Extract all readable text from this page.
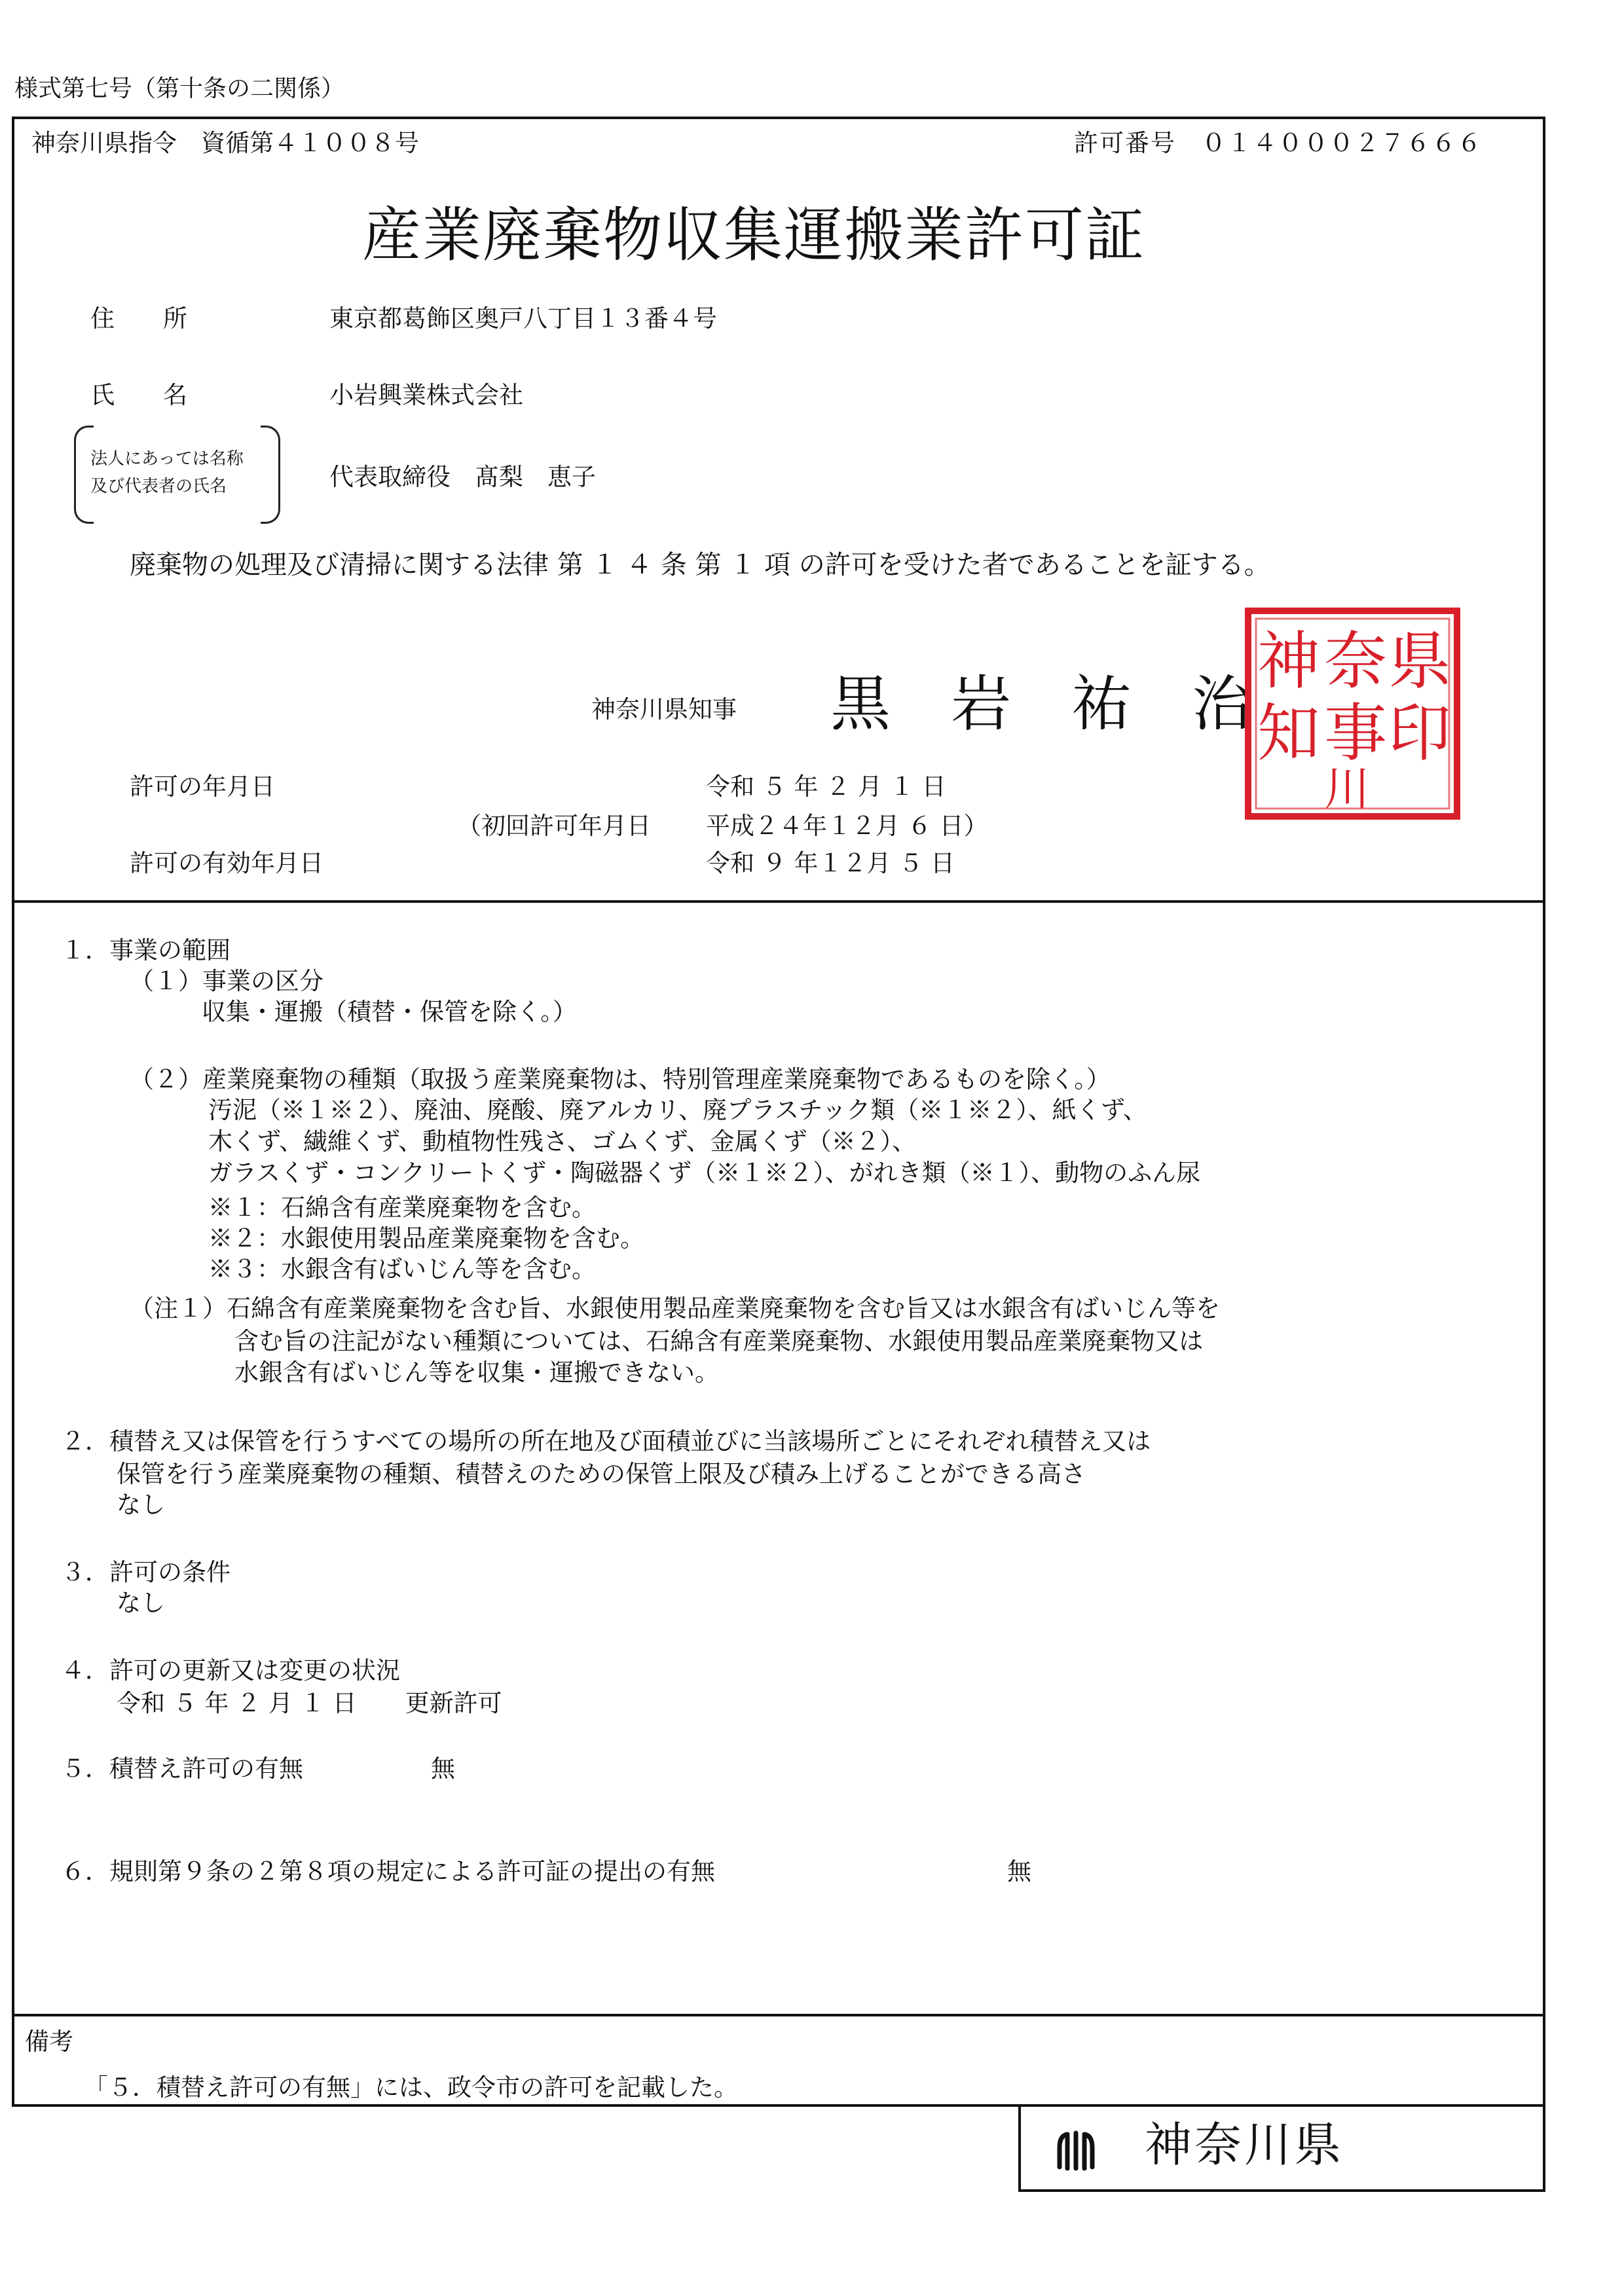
様式第七号（第十条の二関係）
神奈川県指令　資循第４１００８号	許可番号　０１４０００２７６６６
産業廃棄物収集運搬業許可証
住　　所	東京都葛飾区奥戸八丁目１３番４号
氏　　名	小岩興業株式会社
法人にあっては名称
及び代表者の氏名	代表取締役　髙梨　恵子
廃棄物の処理及び清掃に関する法律 第 １ ４ 条 第 １ 項 の許可を受けた者であることを証する。
神奈川県知事 黒　岩　祐　治
県
印
奈
事
神
知
川
許可の年月日	令和 ５ 年 ２ 月 １ 日
（初回許可年月日 平成２４年１２月 ６ 日）
許可の有効年月日	令和 ９ 年１２月 ５ 日
１．事業の範囲
（１）事業の区分
収集・運搬（積替・保管を除く。）
（２）産業廃棄物の種類（取扱う産業廃棄物は、特別管理産業廃棄物であるものを除く。）
汚泥（※１※２）、廃油、廃酸、廃アルカリ、廃プラスチック類（※１※２）、紙くず、
木くず、繊維くず、動植物性残さ、ゴムくず、金属くず（※２）、
ガラスくず・コンクリートくず・陶磁器くず（※１※２）、がれき類（※１）、動物のふん尿
※１：石綿含有産業廃棄物を含む。
※２：水銀使用製品産業廃棄物を含む。
※３：水銀含有ばいじん等を含む。
（注１）石綿含有産業廃棄物を含む旨、水銀使用製品産業廃棄物を含む旨又は水銀含有ばいじん等を
含む旨の注記がない種類については、石綿含有産業廃棄物、水銀使用製品産業廃棄物又は
水銀含有ばいじん等を収集・運搬できない。
２．積替え又は保管を行うすべての場所の所在地及び面積並びに当該場所ごとにそれぞれ積替え又は
保管を行う産業廃棄物の種類、積替えのための保管上限及び積み上げることができる高さ
なし
３．許可の条件
なし
４．許可の更新又は変更の状況
令和 ５ 年 ２ 月 １ 日　　更新許可
５．積替え許可の有無	無
６．規則第９条の２第８項の規定による許可証の提出の有無	無
備考
「５．積替え許可の有無」には、政令市の許可を記載した。
神奈川県
